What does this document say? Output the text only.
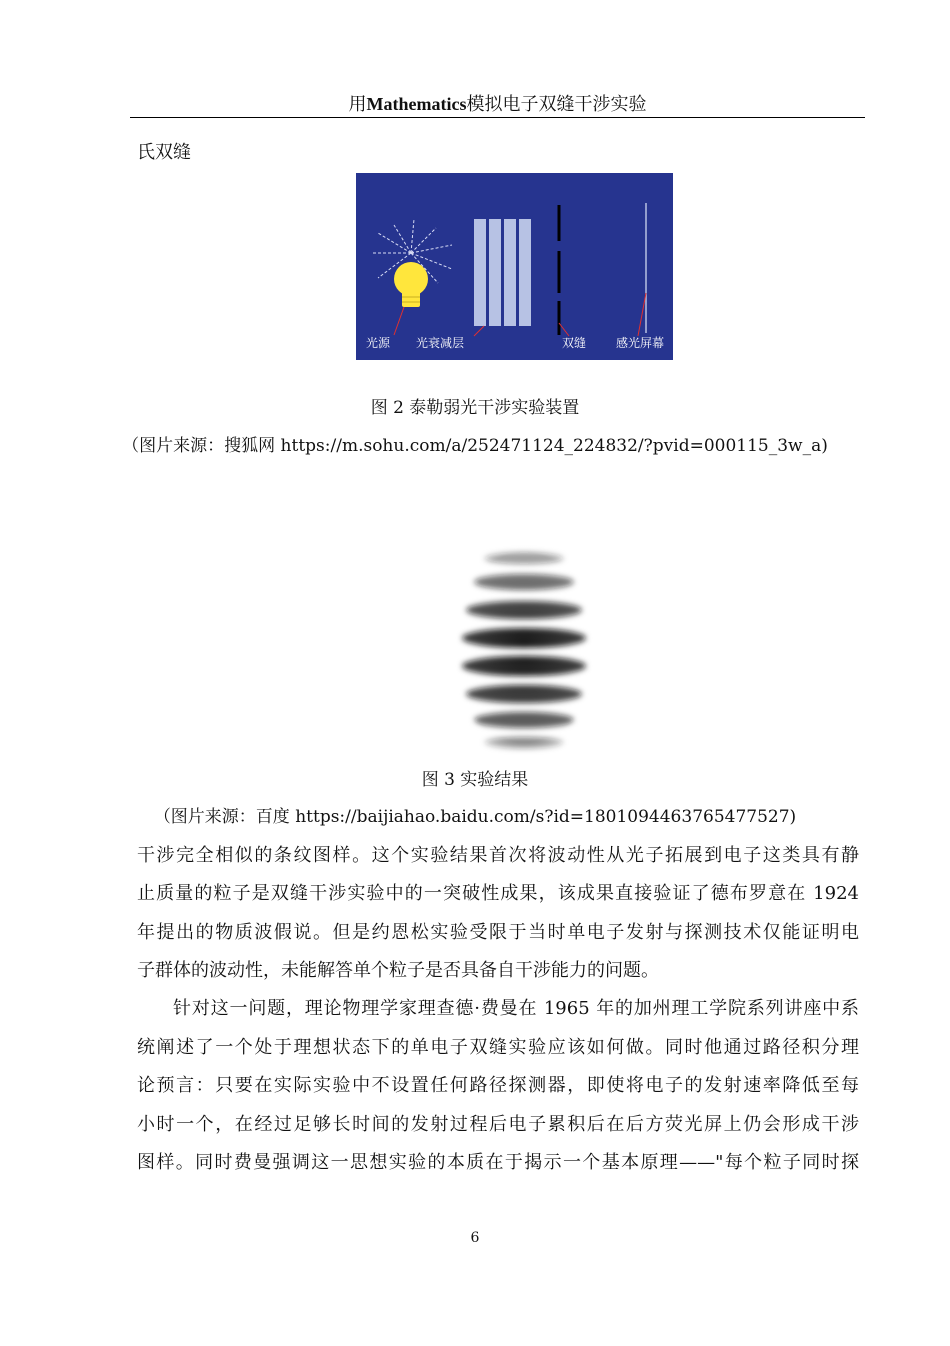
用Mathematics模拟电子双缝干涉实验
氏双缝
光源 光衰减层	双缝 感光屏幕
图 2 泰勒弱光干涉实验装置
（图片来源：搜狐网 https://m.sohu.com/a/252471124_224832/?pvid=000115_3w_a)
图 3 实验结果
（图片来源：百度 https://baijiahao.baidu.com/s?id=1801094463765477527)
干涉完全相似的条纹图样。这个实验结果首次将波动性从光子拓展到电子这类具有静
止质量的粒子是双缝干涉实验中的一突破性成果，该成果直接验证了德布罗意在 1924
年提出的物质波假说。但是约恩松实验受限于当时单电子发射与探测技术仅能证明电
子群体的波动性，未能解答单个粒子是否具备自干涉能力的问题。
针对这一问题，理论物理学家理查德·费曼在 1965 年的加州理工学院系列讲座中系
统阐述了一个处于理想状态下的单电子双缝实验应该如何做。同时他通过路径积分理
论预言：只要在实际实验中不设置任何路径探测器，即使将电子的发射速率降低至每
小时一个，在经过足够长时间的发射过程后电子累积后在后方荧光屏上仍会形成干涉
图样。同时费曼强调这一思想实验的本质在于揭示一个基本原理——"每个粒子同时探
6
